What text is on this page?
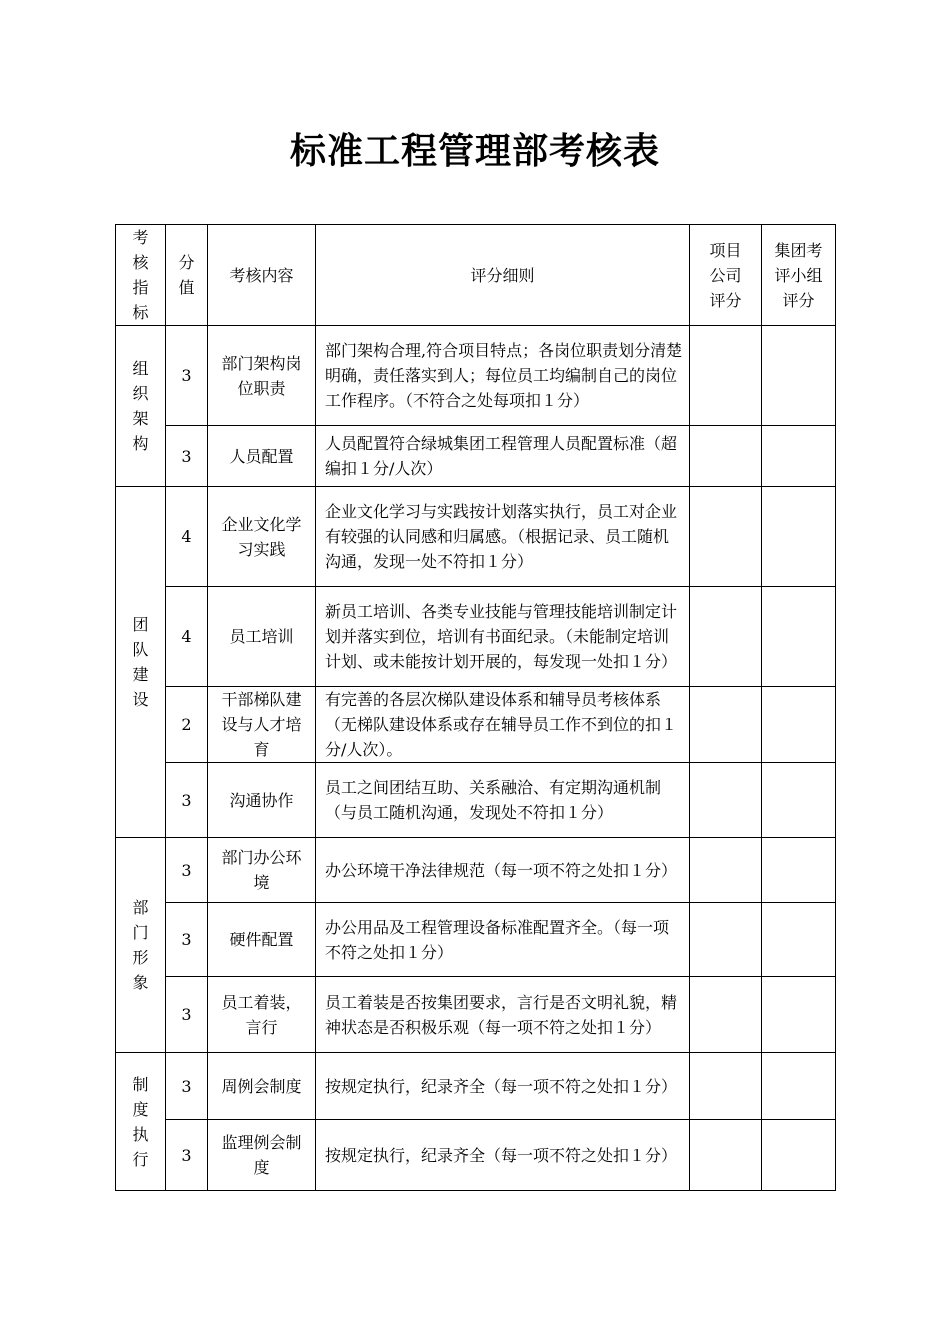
标准工程管理部考核表
考核指标	分值	考核内容	评分细则	项目公司评分	集团考评小组评分
组织架构	3	部门架构岗位职责	部门架构合理,符合项目特点；各岗位职责划分清楚明确，责任落实到人；每位员工均编制自己的岗位工作程序。（不符合之处每项扣１分）		
	3	人员配置	人员配置符合绿城集团工程管理人员配置标准（超编扣１分/人次）		
团队建设	4	企业文化学习实践	企业文化学习与实践按计划落实执行，员工对企业有较强的认同感和归属感。（根据记录、员工随机沟通，发现一处不符扣１分）		
	4	员工培训	新员工培训、各类专业技能与管理技能培训制定计划并落实到位，培训有书面纪录。（未能制定培训计划、或未能按计划开展的，每发现一处扣１分）		
	2	干部梯队建设与人才培育	有完善的各层次梯队建设体系和辅导员考核体系（无梯队建设体系或存在辅导员工作不到位的扣１分/人次）。		
	3	沟通协作	员工之间团结互助、关系融洽、有定期沟通机制（与员工随机沟通，发现处不符扣１分）		
部门形象	3	部门办公环境	办公环境干净法律规范（每一项不符之处扣１分）		
	3	硬件配置	办公用品及工程管理设备标准配置齐全。（每一项不符之处扣１分）		
	3	员工着装，言行	员工着装是否按集团要求，言行是否文明礼貌，精神状态是否积极乐观（每一项不符之处扣１分）		
制度执行	3	周例会制度	按规定执行，纪录齐全（每一项不符之处扣１分）		
	3	监理例会制度	按规定执行，纪录齐全（每一项不符之处扣１分）		
